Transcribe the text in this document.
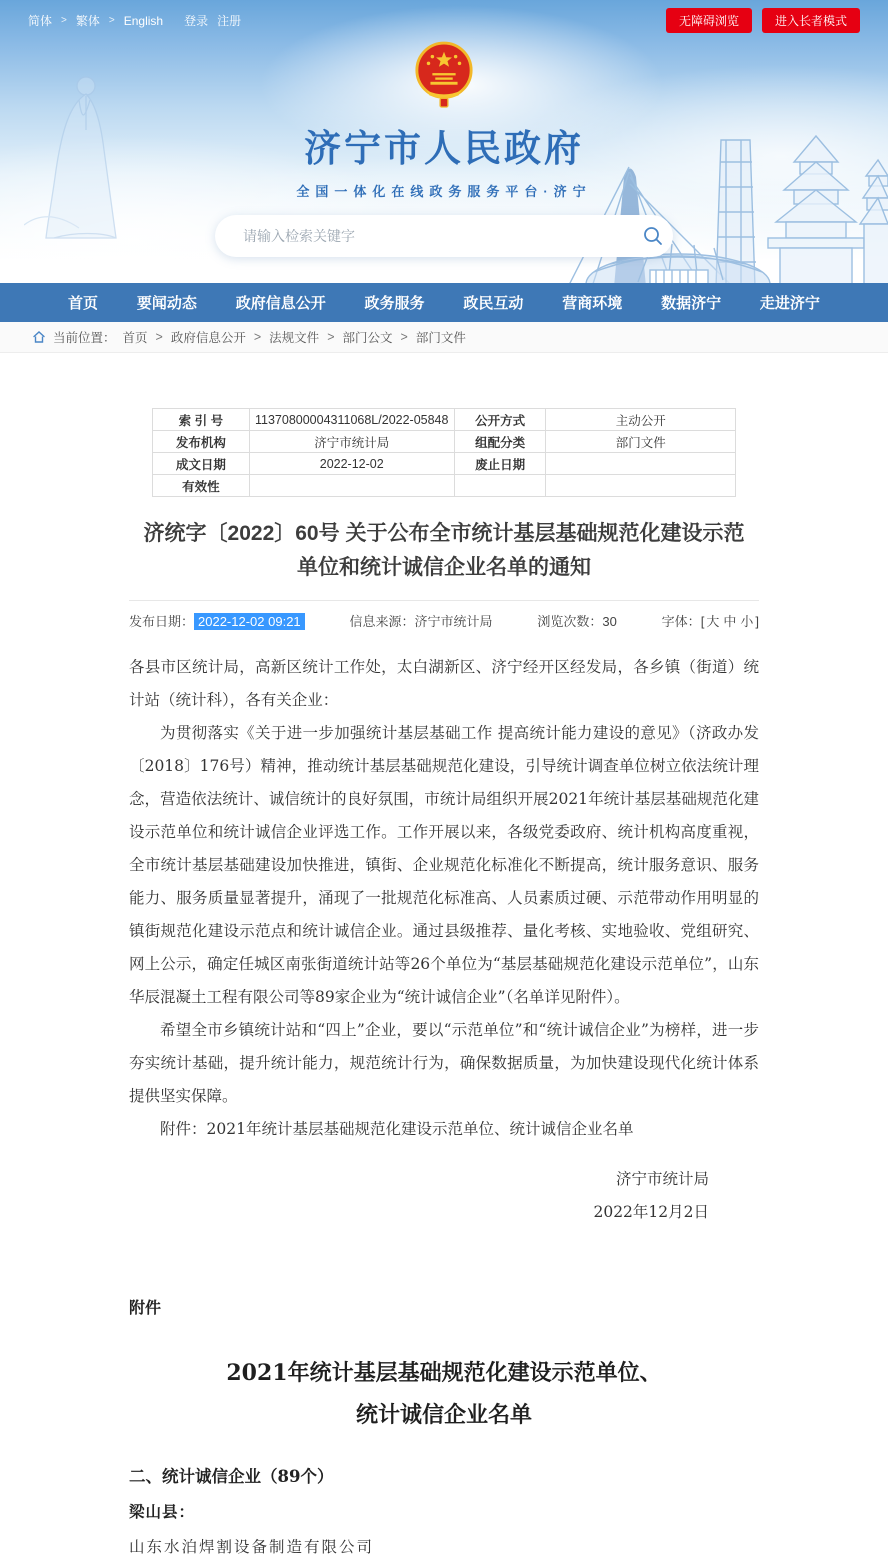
简体 > 繁体 > English 登录 注册	无障碍浏览	进入长者模式
济宁市人民政府
全国一体化在线政务服务平台·济宁
请输入检索关键字
首页	要闻动态	政府信息公开	政务服务	政民互动	营商环境	数据济宁	走进济宁
当前位置： 首页 > 政府信息公开 > 法规文件 > 部门公文 > 部门文件
索 引 号	11370800004311068L/2022-05848	公开方式	主动公开
发布机构	济宁市统计局	组配分类	部门文件
成文日期	2022-12-02	废止日期	
有效性			
济统字〔2022〕60号 关于公布全市统计基层基础规范化建设示范单位和统计诚信企业名单的通知
发布日期： 2022-12-02 09:21	信息来源：济宁市统计局	浏览次数：30	字体：[ 大 中 小 ]

各县市区统计局，高新区统计工作处，太白湖新区、济宁经开区经发局，各乡镇（街道）统计站（统计科），各有关企业：

为贯彻落实《关于进一步加强统计基层基础工作 提高统计能力建设的意见》（济政办发〔2018〕176号）精神，推动统计基层基础规范化建设，引导统计调查单位树立依法统计理念，营造依法统计、诚信统计的良好氛围，市统计局组织开展2021年统计基层基础规范化建设示范单位和统计诚信企业评选工作。工作开展以来，各级党委政府、统计机构高度重视，全市统计基层基础建设加快推进，镇街、企业规范化标准化不断提高，统计服务意识、服务能力、服务质量显著提升，涌现了一批规范化标准高、人员素质过硬、示范带动作用明显的镇街规范化建设示范点和统计诚信企业。通过县级推荐、量化考核、实地验收、党组研究、网上公示，确定任城区南张街道统计站等26个单位为“基层基础规范化建设示范单位”，山东华辰混凝土工程有限公司等89家企业为“统计诚信企业”（名单详见附件）。

希望全市乡镇统计站和“四上”企业，要以“示范单位”和“统计诚信企业”为榜样，进一步夯实统计基础，提升统计能力，规范统计行为，确保数据质量，为加快建设现代化统计体系提供坚实保障。

附件：2021年统计基层基础规范化建设示范单位、统计诚信企业名单

济宁市统计局
2022年12月2日
附件
2021年统计基层基础规范化建设示范单位、
统计诚信企业名单
二、统计诚信企业（89个）
梁山县：
山东水泊焊割设备制造有限公司
